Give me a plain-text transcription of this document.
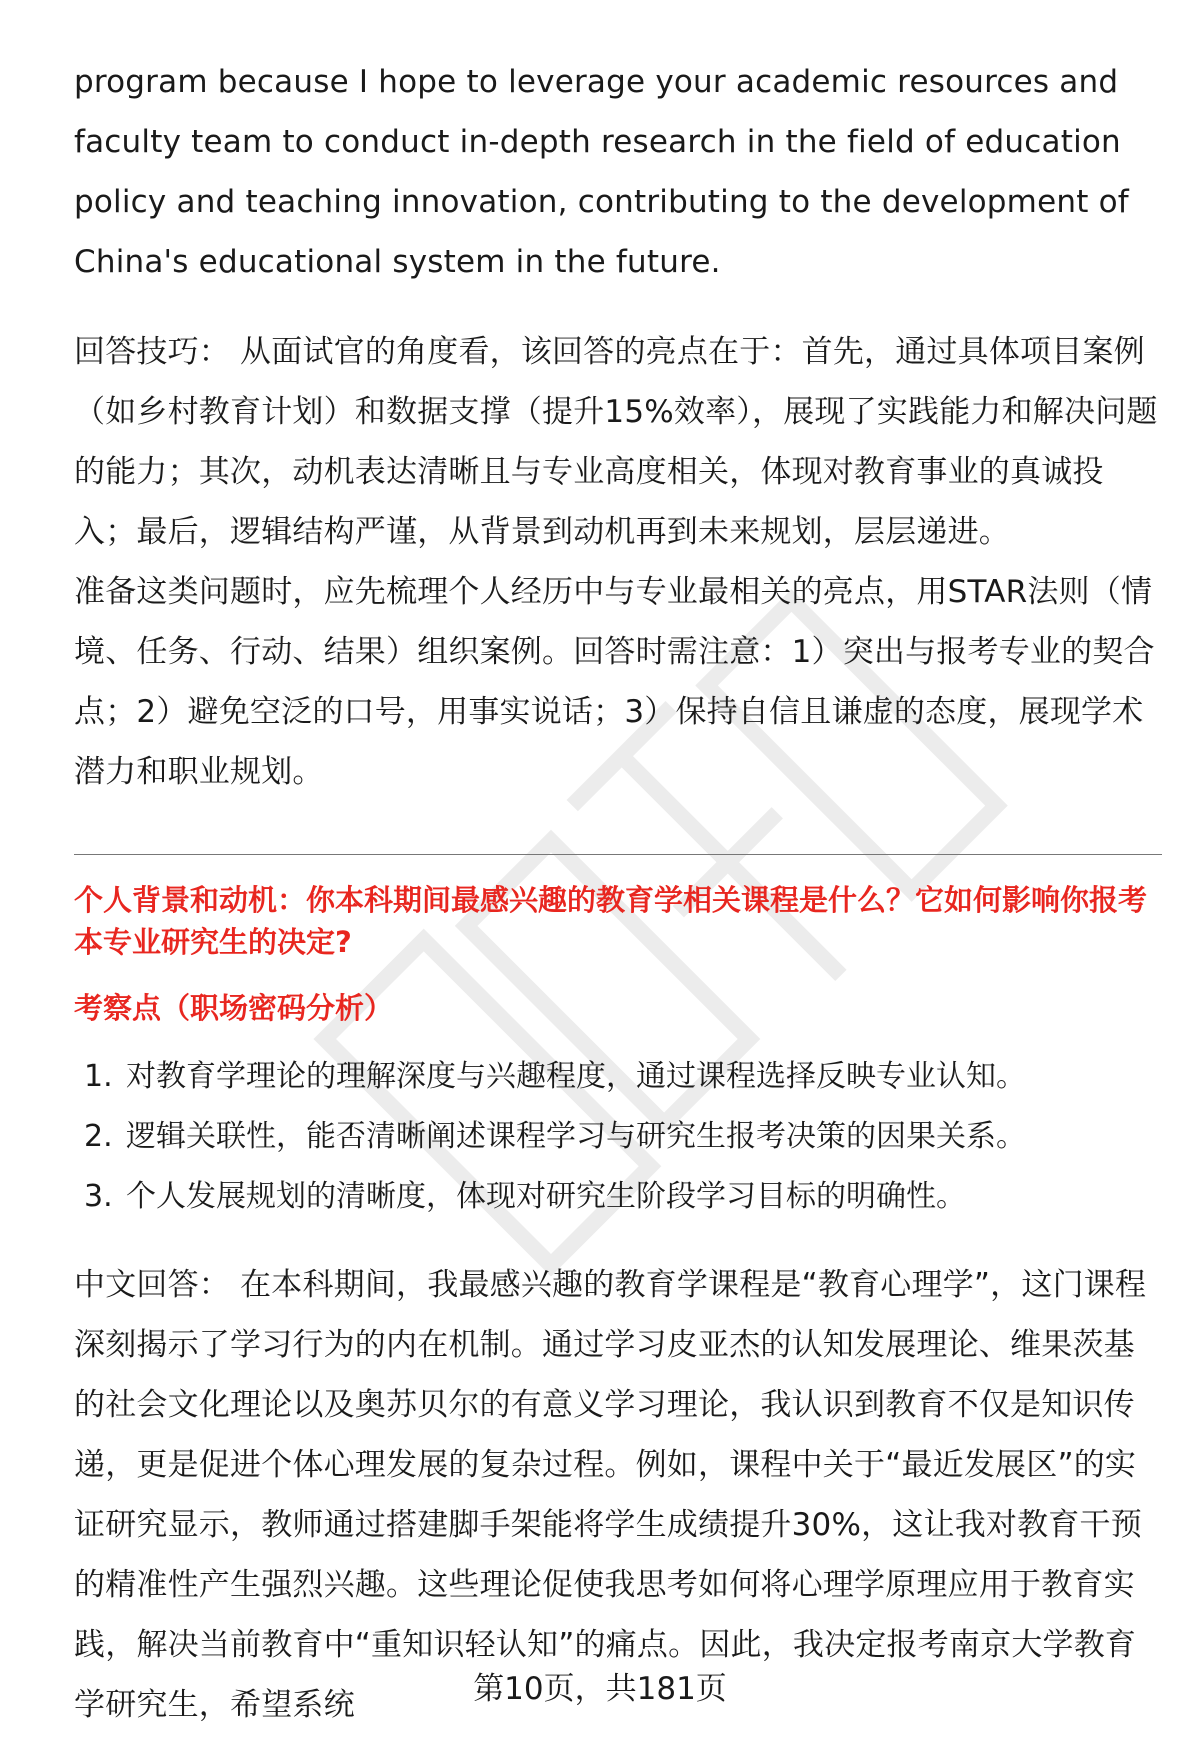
program because I hope to leverage your academic resources and faculty team to conduct in-depth research in the field of education policy and teaching innovation, contributing to the development of China's educational system in the future.

回答技巧： 从面试官的角度看，该回答的亮点在于：首先，通过具体项目案例（如乡村教育计划）和数据支撑（提升15%效率），展现了实践能力和解决问题的能力；其次，动机表达清晰且与专业高度相关，体现对教育事业的真诚投入；最后，逻辑结构严谨，从背景到动机再到未来规划，层层递进。

准备这类问题时，应先梳理个人经历中与专业最相关的亮点，用STAR法则（情境、任务、行动、结果）组织案例。回答时需注意：1）突出与报考专业的契合点；2）避免空泛的口号，用事实说话；3）保持自信且谦虚的态度，展现学术潜力和职业规划。

个人背景和动机：你本科期间最感兴趣的教育学相关课程是什么？它如何影响你报考本专业研究生的决定?

考察点（职场密码分析）

1. 对教育学理论的理解深度与兴趣程度，通过课程选择反映专业认知。
2. 逻辑关联性，能否清晰阐述课程学习与研究生报考决策的因果关系。
3. 个人发展规划的清晰度，体现对研究生阶段学习目标的明确性。

中文回答： 在本科期间，我最感兴趣的教育学课程是“教育心理学”，这门课程深刻揭示了学习行为的内在机制。通过学习皮亚杰的认知发展理论、维果茨基的社会文化理论以及奥苏贝尔的有意义学习理论，我认识到教育不仅是知识传递，更是促进个体心理发展的复杂过程。例如，课程中关于“最近发展区”的实证研究显示，教师通过搭建脚手架能将学生成绩提升30%，这让我对教育干预的精准性产生强烈兴趣。这些理论促使我思考如何将心理学原理应用于教育实践，解决当前教育中“重知识轻认知”的痛点。因此，我决定报考南京大学教育学研究生，希望系统	第10页，共181页
